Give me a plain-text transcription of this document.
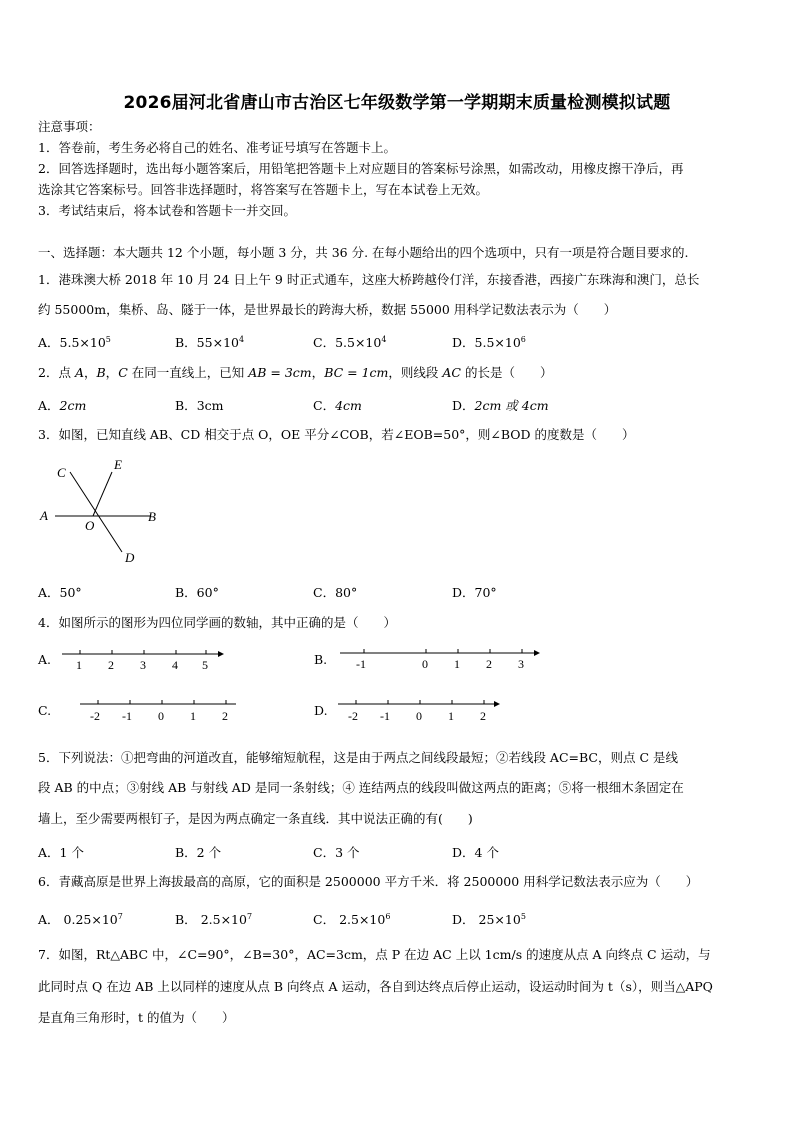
2026届河北省唐山市古治区七年级数学第一学期期末质量检测模拟试题
注意事项：
1．答卷前，考生务必将自己的姓名、准考证号填写在答题卡上。
2．回答选择题时，选出每小题答案后，用铅笔把答题卡上对应题目的答案标号涂黑，如需改动，用橡皮擦干净后，再
选涂其它答案标号。回答非选择题时，将答案写在答题卡上，写在本试卷上无效。
3．考试结束后，将本试卷和答题卡一并交回。
一、选择题：本大题共 12 个小题，每小题 3 分，共 36 分. 在每小题给出的四个选项中，只有一项是符合题目要求的.
1．港珠澳大桥 2018 年 10 月 24 日上午 9 时正式通车，这座大桥跨越伶仃洋，东接香港，西接广东珠海和澳门，总长
约 55000m，集桥、岛、隧于一体，是世界最长的跨海大桥，数据 55000 用科学记数法表示为（　　）
A．$5.5\times 10^5$	B．$55\times 10^4$	C．$5.5\times 10^4$	D．$5.5\times 10^6$
2．点 A，B，C 在同一直线上，已知 AB = 3cm，BC = 1cm，则线段 AC 的长是（　　）
A．2cm	B．3cm	C．4cm	D．2cm 或 4cm
3．如图，已知直线 AB、CD 相交于点 O，OE 平分∠COB，若∠EOB=50°，则∠BOD 的度数是（　　）
C
E
A
O
B
D
A．50°	B．60°	C．80°	D．70°
4．如图所示的图形为四位同学画的数轴，其中正确的是（　　）
A. 1 2 3 4 5	B. -1	0 1 2 3
C.	-2 -1 0 1 2	D. -2 -1 0 1 2
5．下列说法：①把弯曲的河道改直，能够缩短航程，这是由于两点之间线段最短；②若线段 AC=BC，则点 C 是线
段 AB 的中点；③射线 AB 与射线 AD 是同一条射线；④ 连结两点的线段叫做这两点的距离；⑤将一根细木条固定在
墙上，至少需要两根钉子，是因为两点确定一条直线．其中说法正确的有(　　)
A．1 个	B．2 个	C．3 个	D．4 个
6．青藏高原是世界上海拔最高的高原，它的面积是 2500000 平方千米．将 2500000 用科学记数法表示应为（　　）
A． $0.25\times 10^7$	B． $2.5\times 10^7$	C． $2.5\times 10^6$	D． $25\times 10^5$
7．如图，Rt△ABC 中，∠C=90°，∠B=30°，AC=3cm，点 P 在边 AC 上以 1cm/s 的速度从点 A 向终点 C 运动，与
此同时点 Q 在边 AB 上以同样的速度从点 B 向终点 A 运动，各自到达终点后停止运动，设运动时间为 t（s），则当△APQ
是直角三角形时，t 的值为（　　）
